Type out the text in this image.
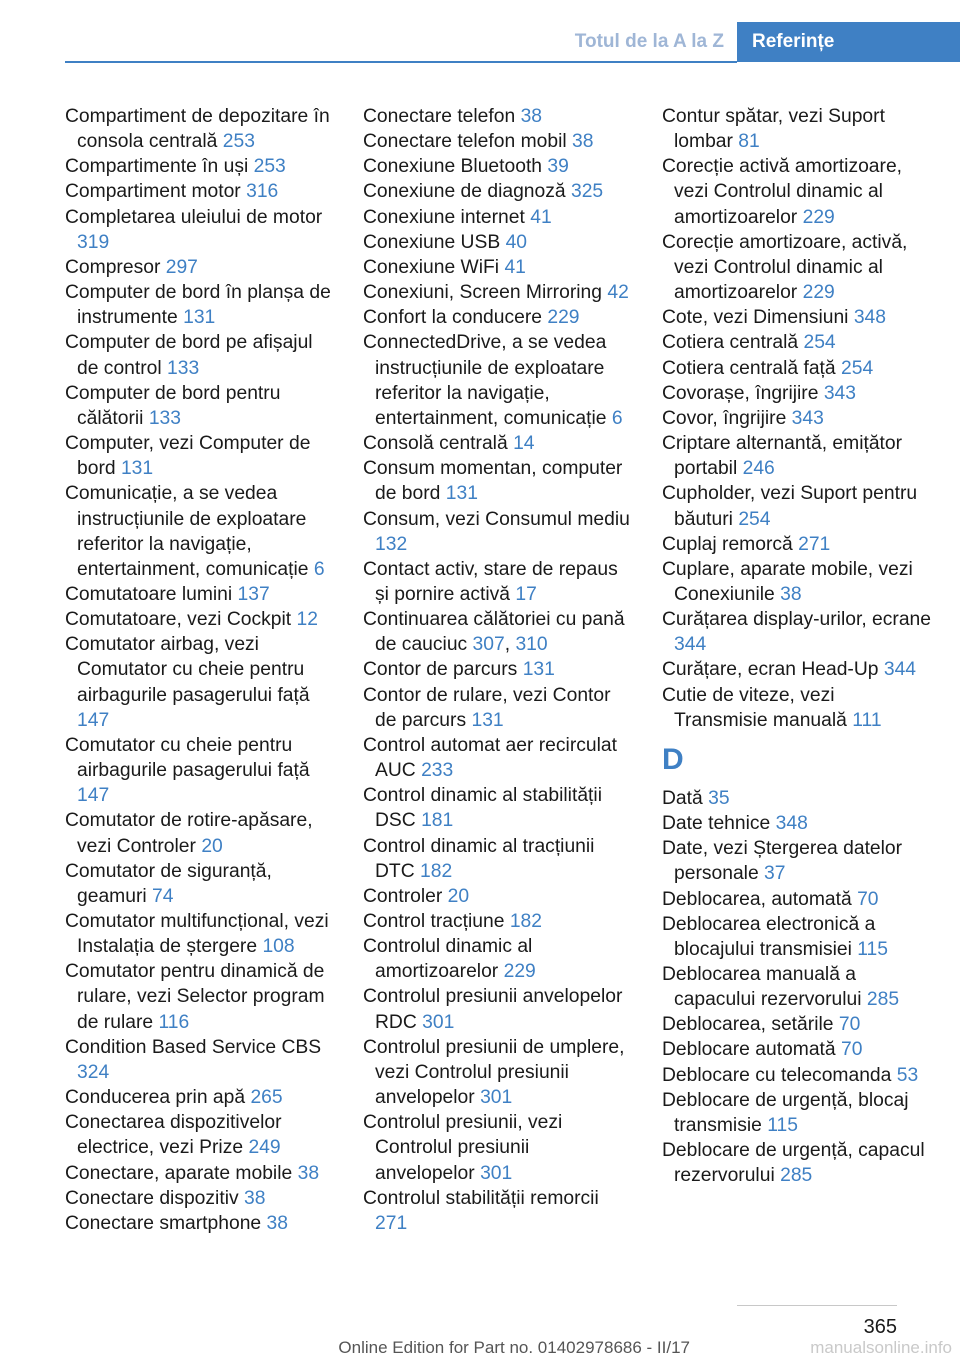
Totul de la A la Z	Referințe
Compartiment de depozitare în consola centrală 253
Compartimente în uși 253
Compartiment motor 316
Completarea uleiului de motor 319
Compresor 297
Computer de bord în planșa de instrumente 131
Computer de bord pe afișajul de control 133
Computer de bord pentru călătorii 133
Computer, vezi Computer de bord 131
Comunicație, a se vedea instrucțiunile de exploatare referitor la navigație, entertainment, comunicație 6
Comutatoare lumini 137
Comutatoare, vezi Cockpit 12
Comutator airbag, vezi Comutator cu cheie pentru airbagurile pasagerului față 147
Comutator cu cheie pentru airbagurile pasagerului față 147
Comutator de rotire-apăsare, vezi Controler 20
Comutator de siguranță, geamuri 74
Comutator multifuncțional, vezi Instalația de ștergere 108
Comutator pentru dinamică de rulare, vezi Selector program de rulare 116
Condition Based Service CBS 324
Conducerea prin apă 265
Conectarea dispozitivelor electrice, vezi Prize 249
Conectare, aparate mobile 38
Conectare dispozitiv 38
Conectare smartphone 38
Conectare telefon 38
Conectare telefon mobil 38
Conexiune Bluetooth 39
Conexiune de diagnoză 325
Conexiune internet 41
Conexiune USB 40
Conexiune WiFi 41
Conexiuni, Screen Mirroring 42
Confort la conducere 229
ConnectedDrive, a se vedea instrucțiunile de exploatare referitor la navigație, entertainment, comunicație 6
Consolă centrală 14
Consum momentan, computer de bord 131
Consum, vezi Consumul mediu 132
Contact activ, stare de repaus și pornire activă 17
Continuarea călătoriei cu pană de cauciuc 307, 310
Contor de parcurs 131
Contor de rulare, vezi Contor de parcurs 131
Control automat aer recirculat AUC 233
Control dinamic al stabilității DSC 181
Control dinamic al tracțiunii DTC 182
Controler 20
Control tracțiune 182
Controlul dinamic al amortizoarelor 229
Controlul presiunii anvelopelor RDC 301
Controlul presiunii de umplere, vezi Controlul presiunii anvelopelor 301
Controlul presiunii, vezi Controlul presiunii anvelopelor 301
Controlul stabilității remorcii 271
Contur spătar, vezi Suport lombar 81
Corecție activă amortizoare, vezi Controlul dinamic al amortizoarelor 229
Corecție amortizoare, activă, vezi Controlul dinamic al amortizoarelor 229
Cote, vezi Dimensiuni 348
Cotiera centrală 254
Cotiera centrală față 254
Covorașe, îngrijire 343
Covor, îngrijire 343
Criptare alternantă, emițător portabil 246
Cupholder, vezi Suport pentru băuturi 254
Cuplaj remorcă 271
Cuplare, aparate mobile, vezi Conexiunile 38
Curățarea display-urilor, ecrane 344
Curățare, ecran Head-Up 344
Cutie de viteze, vezi Transmisie manuală 111
D
Dată 35
Date tehnice 348
Date, vezi Ștergerea datelor personale 37
Deblocarea, automată 70
Deblocarea electronică a blocajului transmisiei 115
Deblocarea manuală a capacului rezervorului 285
Deblocarea, setările 70
Deblocare automată 70
Deblocare cu telecomanda 53
Deblocare de urgență, blocaj transmisie 115
Deblocare de urgență, capacul rezervorului 285
365
Online Edition for Part no. 01402978686 - II/17	manualsonline.info
